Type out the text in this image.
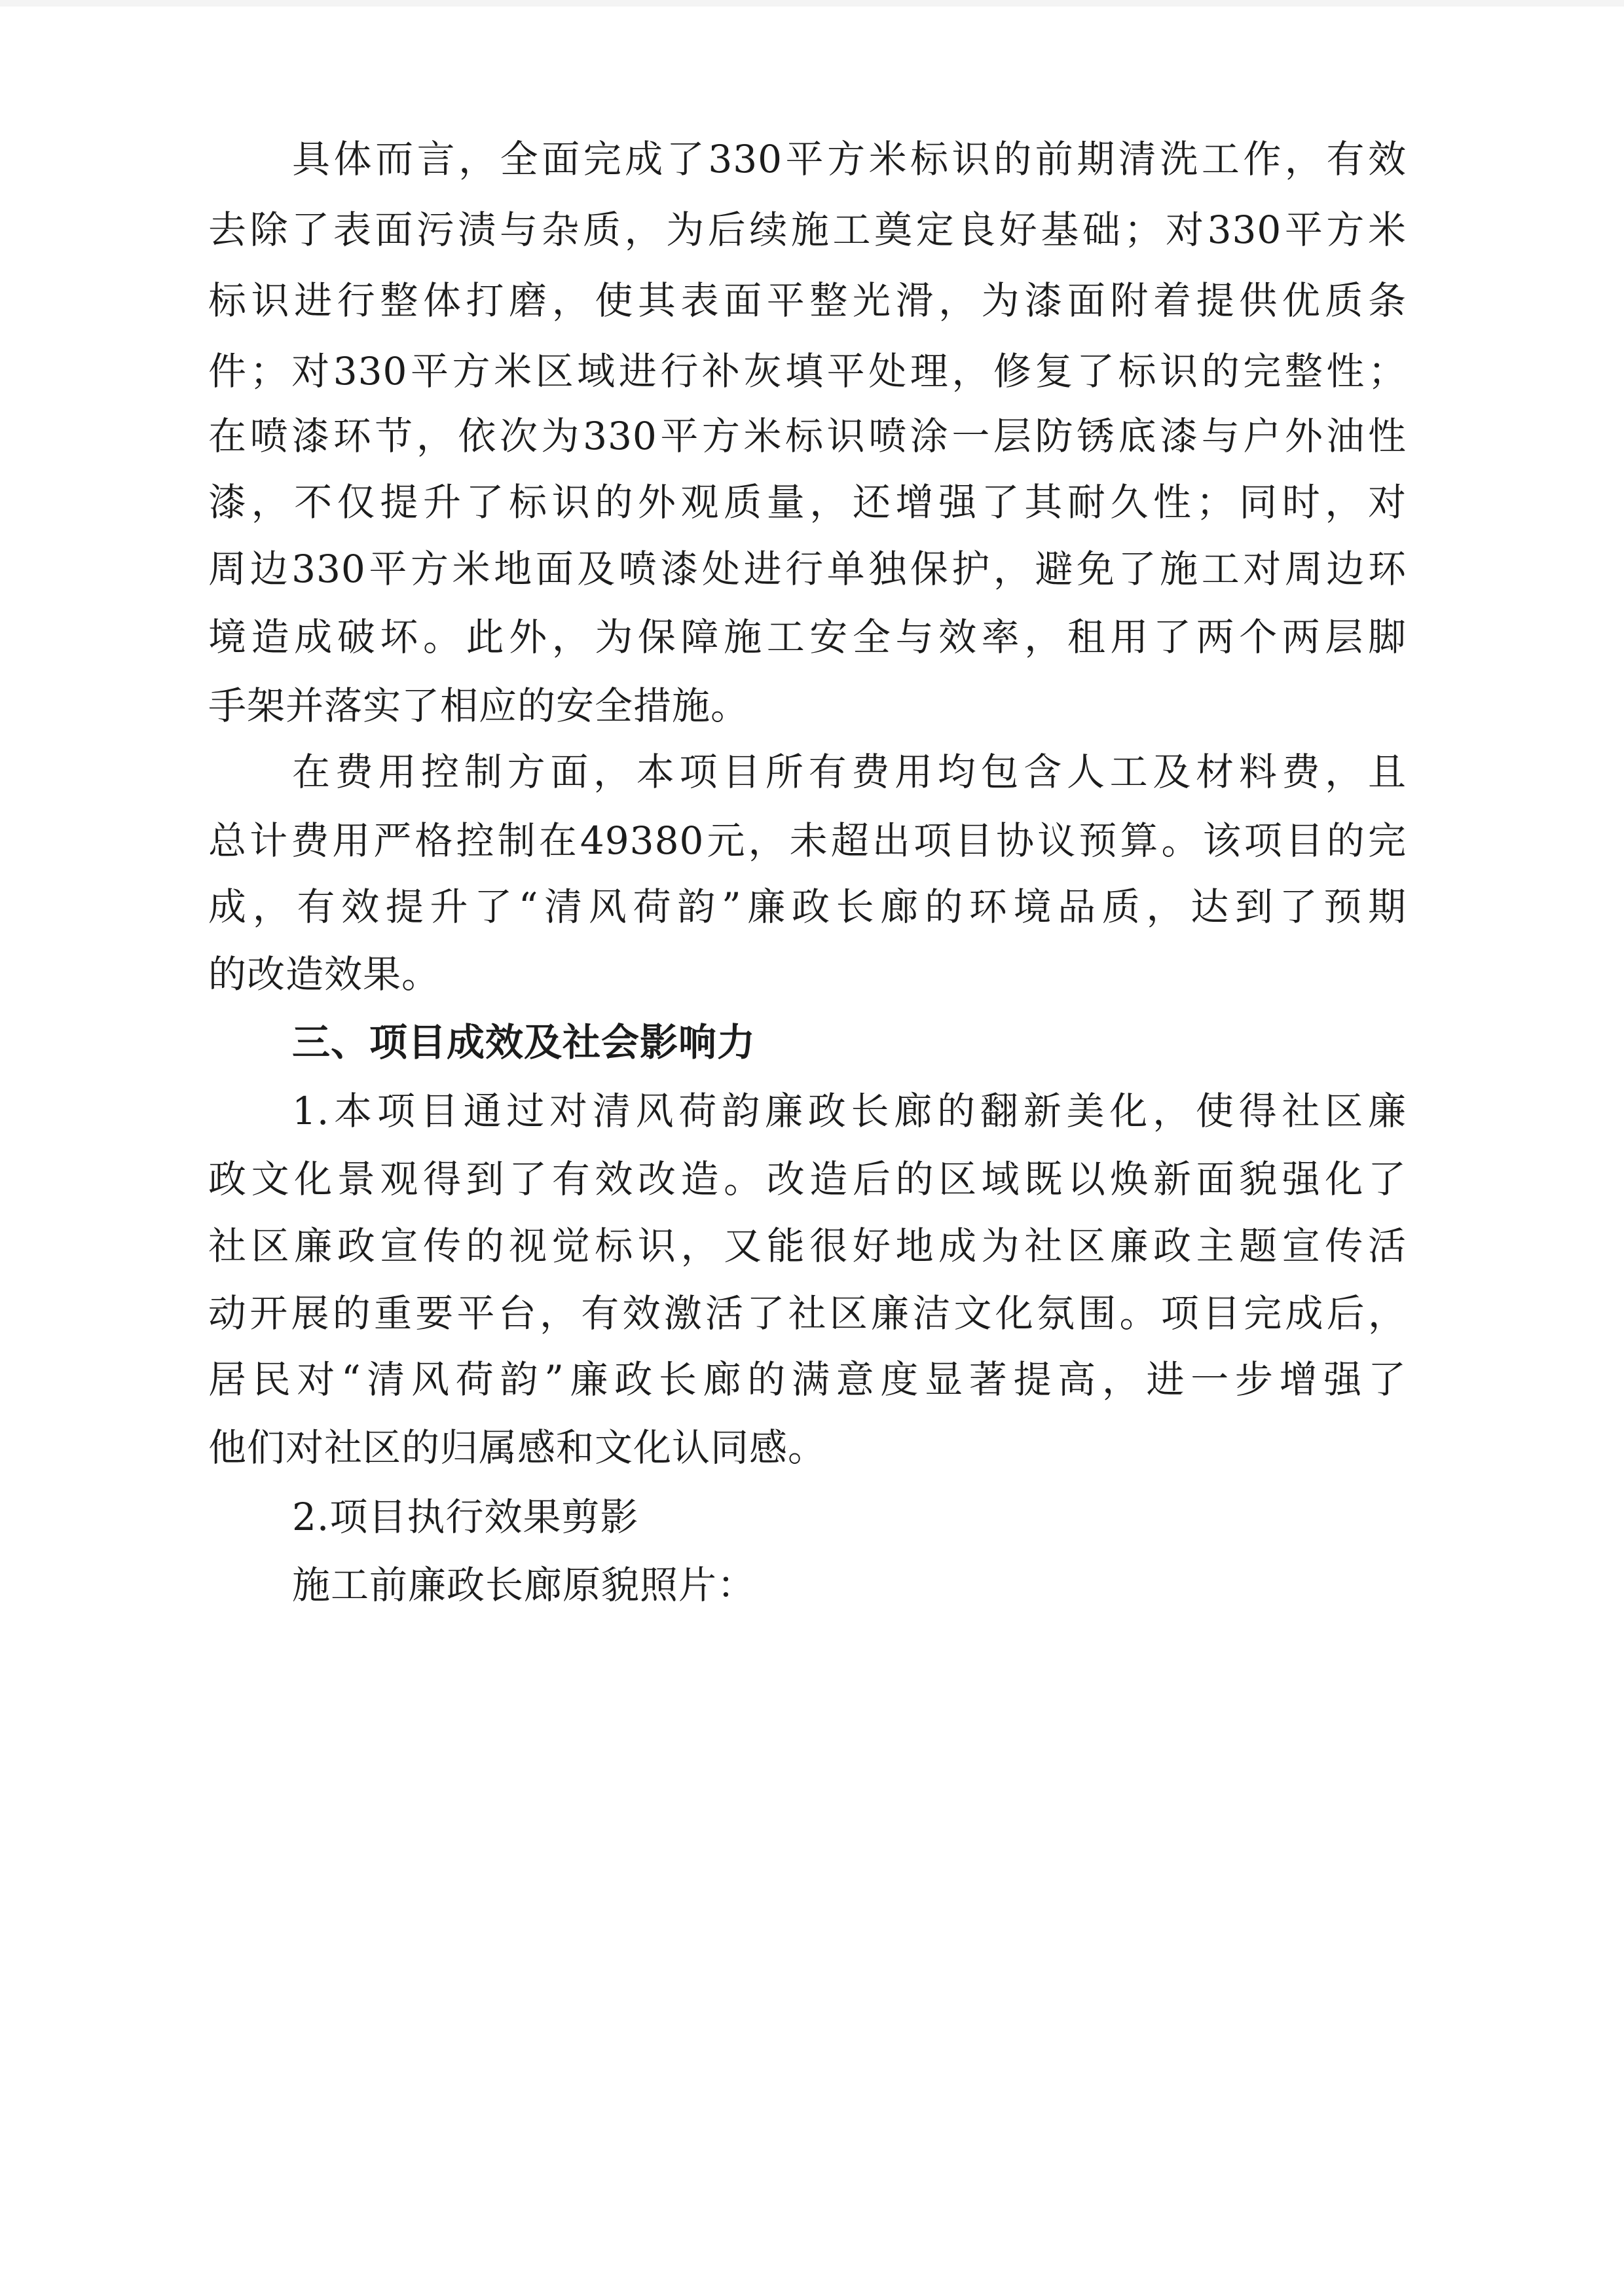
具体而言，全面完成了330平方米标识的前期清洗工作，有效
去除了表面污渍与杂质，为后续施工奠定良好基础；对330平方米
标识进行整体打磨，使其表面平整光滑，为漆面附着提供优质条
件；对330平方米区域进行补灰填平处理，修复了标识的完整性；
在喷漆环节，依次为330平方米标识喷涂一层防锈底漆与户外油性
漆，不仅提升了标识的外观质量，还增强了其耐久性；同时，对
周边330平方米地面及喷漆处进行单独保护，避免了施工对周边环
境造成破坏。此外，为保障施工安全与效率，租用了两个两层脚
手架并落实了相应的安全措施。
在费用控制方面，本项目所有费用均包含人工及材料费，且
总计费用严格控制在49380元，未超出项目协议预算。该项目的完
成，有效提升了“清风荷韵”廉政长廊的环境品质，达到了预期
的改造效果。
三、项目成效及社会影响力
1.本项目通过对清风荷韵廉政长廊的翻新美化，使得社区廉
政文化景观得到了有效改造。改造后的区域既以焕新面貌强化了
社区廉政宣传的视觉标识，又能很好地成为社区廉政主题宣传活
动开展的重要平台，有效激活了社区廉洁文化氛围。项目完成后，
居民对“清风荷韵”廉政长廊的满意度显著提高，进一步增强了
他们对社区的归属感和文化认同感。
2.项目执行效果剪影
施工前廉政长廊原貌照片：
